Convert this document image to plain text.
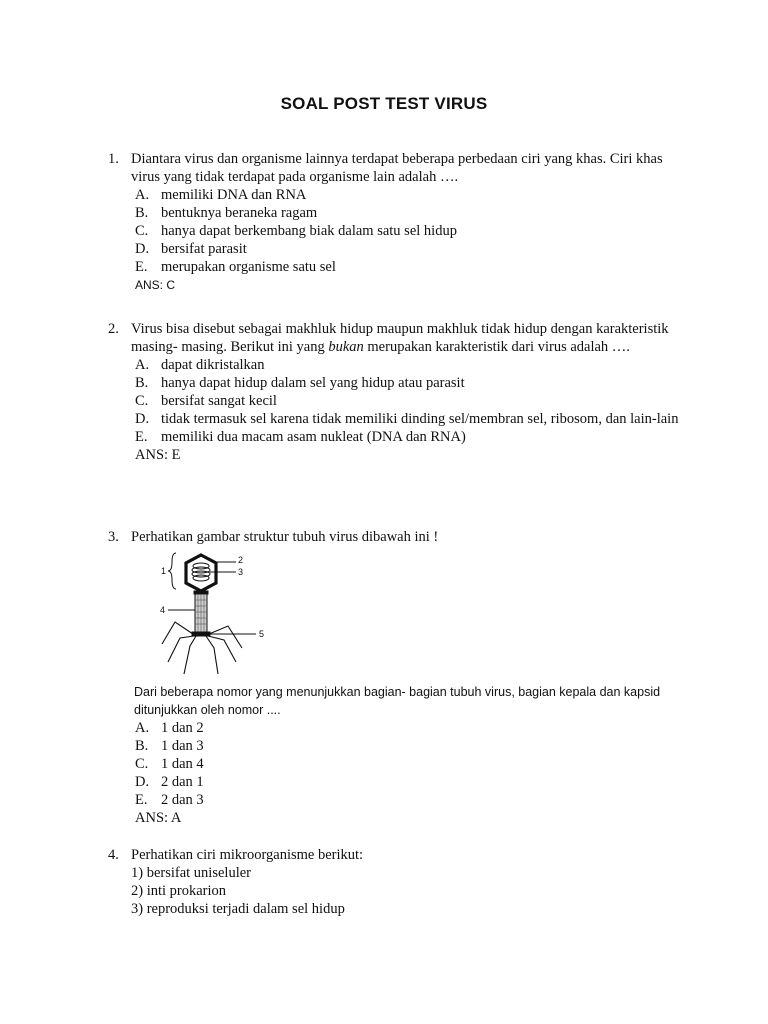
SOAL POST TEST VIRUS
1. Diantara virus dan organisme lainnya terdapat beberapa perbedaan ciri yang khas. Ciri khas virus yang tidak terdapat pada organisme lain adalah ….
A. memiliki DNA dan RNA
B. bentuknya beraneka ragam
C. hanya dapat berkembang biak dalam satu sel hidup
D. bersifat parasit
E. merupakan organisme satu sel
ANS: C
2. Virus bisa disebut sebagai makhluk hidup maupun makhluk tidak hidup dengan karakteristik masing- masing. Berikut ini yang bukan merupakan karakteristik dari virus adalah ….
A. dapat dikristalkan
B. hanya dapat hidup dalam sel yang hidup atau parasit
C. bersifat sangat kecil
D. tidak termasuk sel karena tidak memiliki dinding sel/membran sel, ribosom, dan lain-lain
E. memiliki dua macam asam nukleat (DNA dan RNA)
ANS: E
3. Perhatikan gambar struktur tubuh virus dibawah ini !
1
2
3
4
5
Dari beberapa nomor yang menunjukkan bagian- bagian tubuh virus, bagian kepala dan kapsid ditunjukkan oleh nomor ....
A. 1 dan 2
B. 1 dan 3
C. 1 dan 4
D. 2 dan 1
E. 2 dan 3
ANS: A
4. Perhatikan ciri mikroorganisme berikut:
1) bersifat uniseluler
2) inti prokarion
3) reproduksi terjadi dalam sel hidup
